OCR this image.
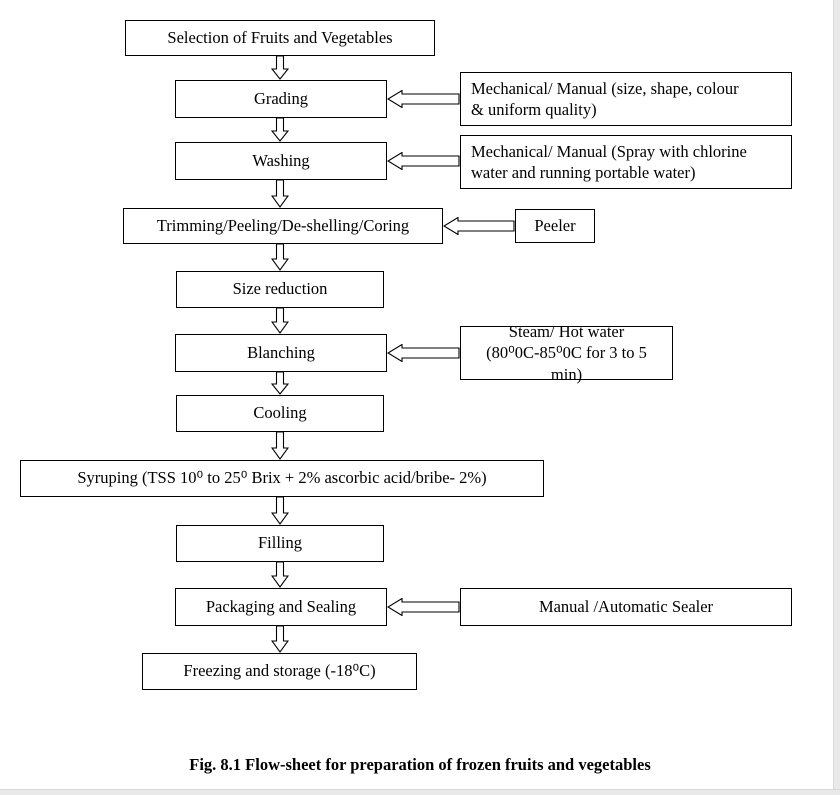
Selection of Fruits and Vegetables
Grading
Washing
Trimming/Peeling/De-shelling/Coring
Size reduction
Blanching
Cooling
Syruping (TSS 10⁰ to 25⁰ Brix + 2% ascorbic acid/bribe- 2%)
Filling
Packaging and Sealing
Freezing and storage (-18⁰C)
Mechanical/ Manual (size, shape, colour
& uniform quality)
Mechanical/ Manual (Spray with chlorine
water and running portable water)
Peeler
Steam/ Hot water
(80⁰0C-85⁰0C for 3 to 5 min)
Manual /Automatic Sealer
Fig. 8.1 Flow-sheet for preparation of frozen fruits and vegetables
